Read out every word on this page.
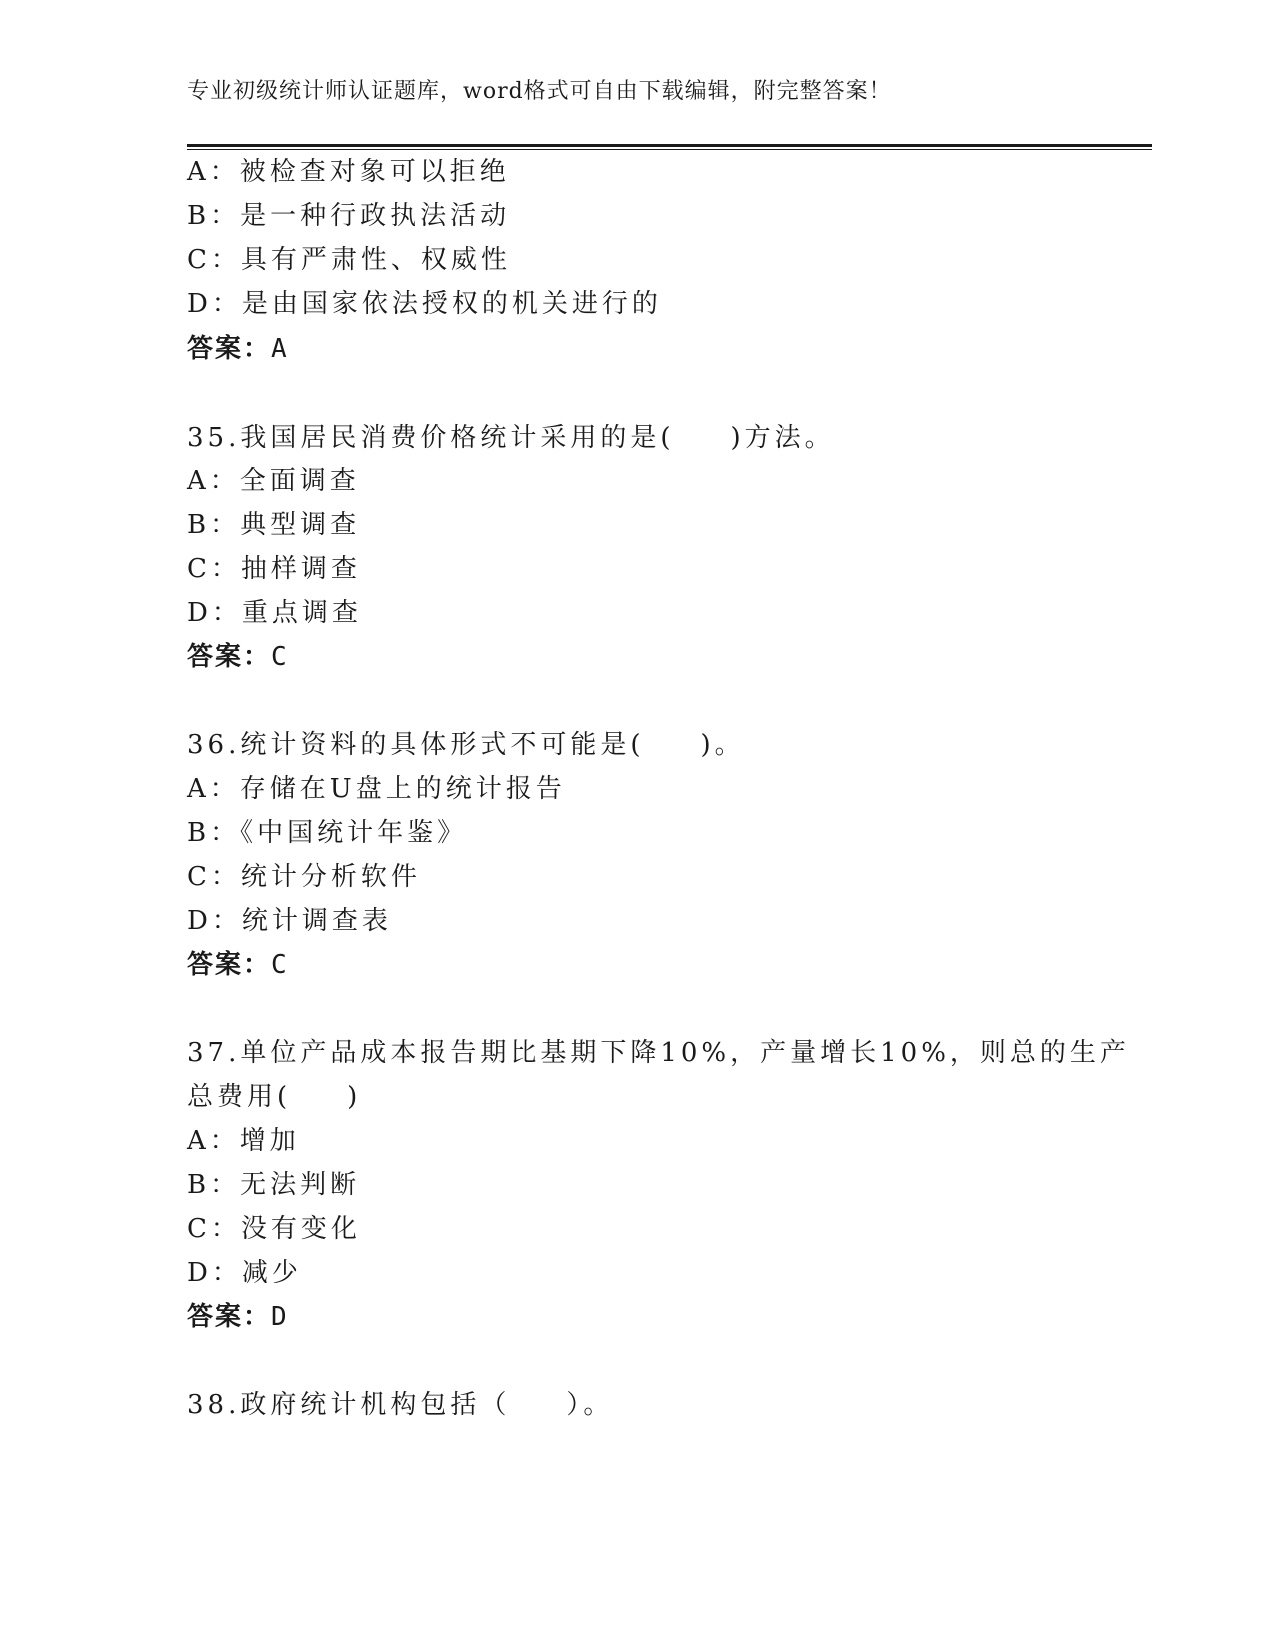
专业初级统计师认证题库，word格式可自由下载编辑，附完整答案！
A：被检查对象可以拒绝
B：是一种行政执法活动
C：具有严肃性、权威性
D：是由国家依法授权的机关进行的
答案：A
35.我国居民消费价格统计采用的是( )方法。
A：全面调查
B：典型调查
C：抽样调查
D：重点调查
答案：C
36.统计资料的具体形式不可能是( )。
A：存储在U盘上的统计报告
B：《中国统计年鉴》
C：统计分析软件
D：统计调查表
答案：C
37.单位产品成本报告期比基期下降10%，产量增长10%，则总的生产
总费用( )
A：增加
B：无法判断
C：没有变化
D：减少
答案：D
38.政府统计机构包括（ ）。
